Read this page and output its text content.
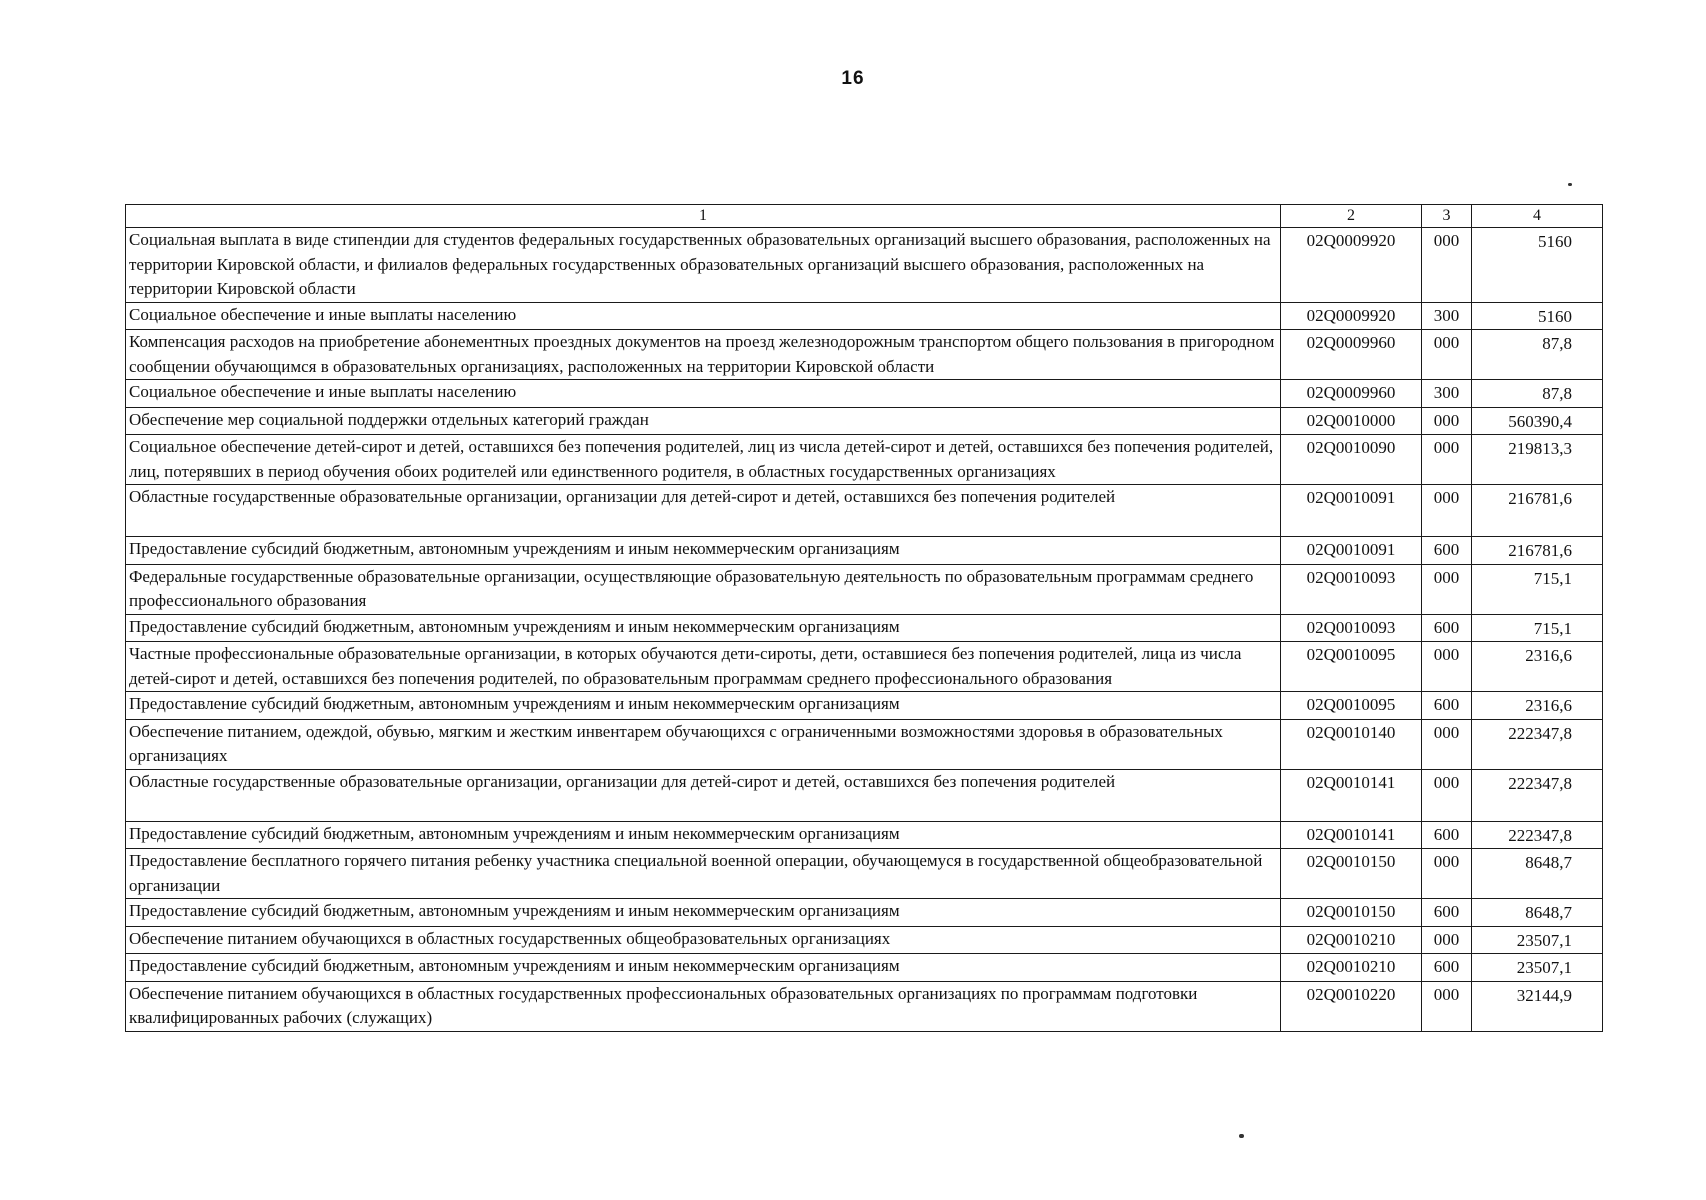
16
1	2	3	4
Социальная выплата в виде стипендии для студентов федеральных государственных образовательных организаций высшего образования, расположенных на территории Кировской области, и филиалов федеральных государственных образовательных организаций высшего образования, расположенных на территории Кировской области	02Q0009920	000	5160
Социальное обеспечение и иные выплаты населению	02Q0009920	300	5160
Компенсация расходов на приобретение абонементных проездных документов на проезд железнодорожным транспортом общего пользования в пригородном сообщении обучающимся в образовательных организациях, расположенных на территории Кировской области	02Q0009960	000	87,8
Социальное обеспечение и иные выплаты населению	02Q0009960	300	87,8
Обеспечение мер социальной поддержки отдельных категорий граждан	02Q0010000	000	560390,4
Социальное обеспечение детей-сирот и детей, оставшихся без попечения родителей, лиц из числа детей-сирот и детей, оставшихся без попечения родителей, лиц, потерявших в период обучения обоих родителей или единственного родителя, в областных государственных организациях	02Q0010090	000	219813,3
Областные государственные образовательные организации, организации для детей-сирот и детей, оставшихся без попечения родителей	02Q0010091	000	216781,6
Предоставление субсидий бюджетным, автономным учреждениям и иным некоммерческим организациям	02Q0010091	600	216781,6
Федеральные государственные образовательные организации, осуществляющие образовательную деятельность по образовательным программам среднего профессионального образования	02Q0010093	000	715,1
Предоставление субсидий бюджетным, автономным учреждениям и иным некоммерческим организациям	02Q0010093	600	715,1
Частные профессиональные образовательные организации, в которых обучаются дети-сироты, дети, оставшиеся без попечения родителей, лица из числа детей-сирот и детей, оставшихся без попечения родителей, по образовательным программам среднего профессионального образования	02Q0010095	000	2316,6
Предоставление субсидий бюджетным, автономным учреждениям и иным некоммерческим организациям	02Q0010095	600	2316,6
Обеспечение питанием, одеждой, обувью, мягким и жестким инвентарем обучающихся с ограниченными возможностями здоровья в образовательных организациях	02Q0010140	000	222347,8
Областные государственные образовательные организации, организации для детей-сирот и детей, оставшихся без попечения родителей	02Q0010141	000	222347,8
Предоставление субсидий бюджетным, автономным учреждениям и иным некоммерческим организациям	02Q0010141	600	222347,8
Предоставление бесплатного горячего питания ребенку участника специальной военной операции, обучающемуся в государственной общеобразовательной организации	02Q0010150	000	8648,7
Предоставление субсидий бюджетным, автономным учреждениям и иным некоммерческим организациям	02Q0010150	600	8648,7
Обеспечение питанием обучающихся в областных государственных общеобразовательных организациях	02Q0010210	000	23507,1
Предоставление субсидий бюджетным, автономным учреждениям и иным некоммерческим организациям	02Q0010210	600	23507,1
Обеспечение питанием обучающихся в областных государственных профессиональных образовательных организациях по программам подготовки квалифицированных рабочих (служащих)	02Q0010220	000	32144,9
